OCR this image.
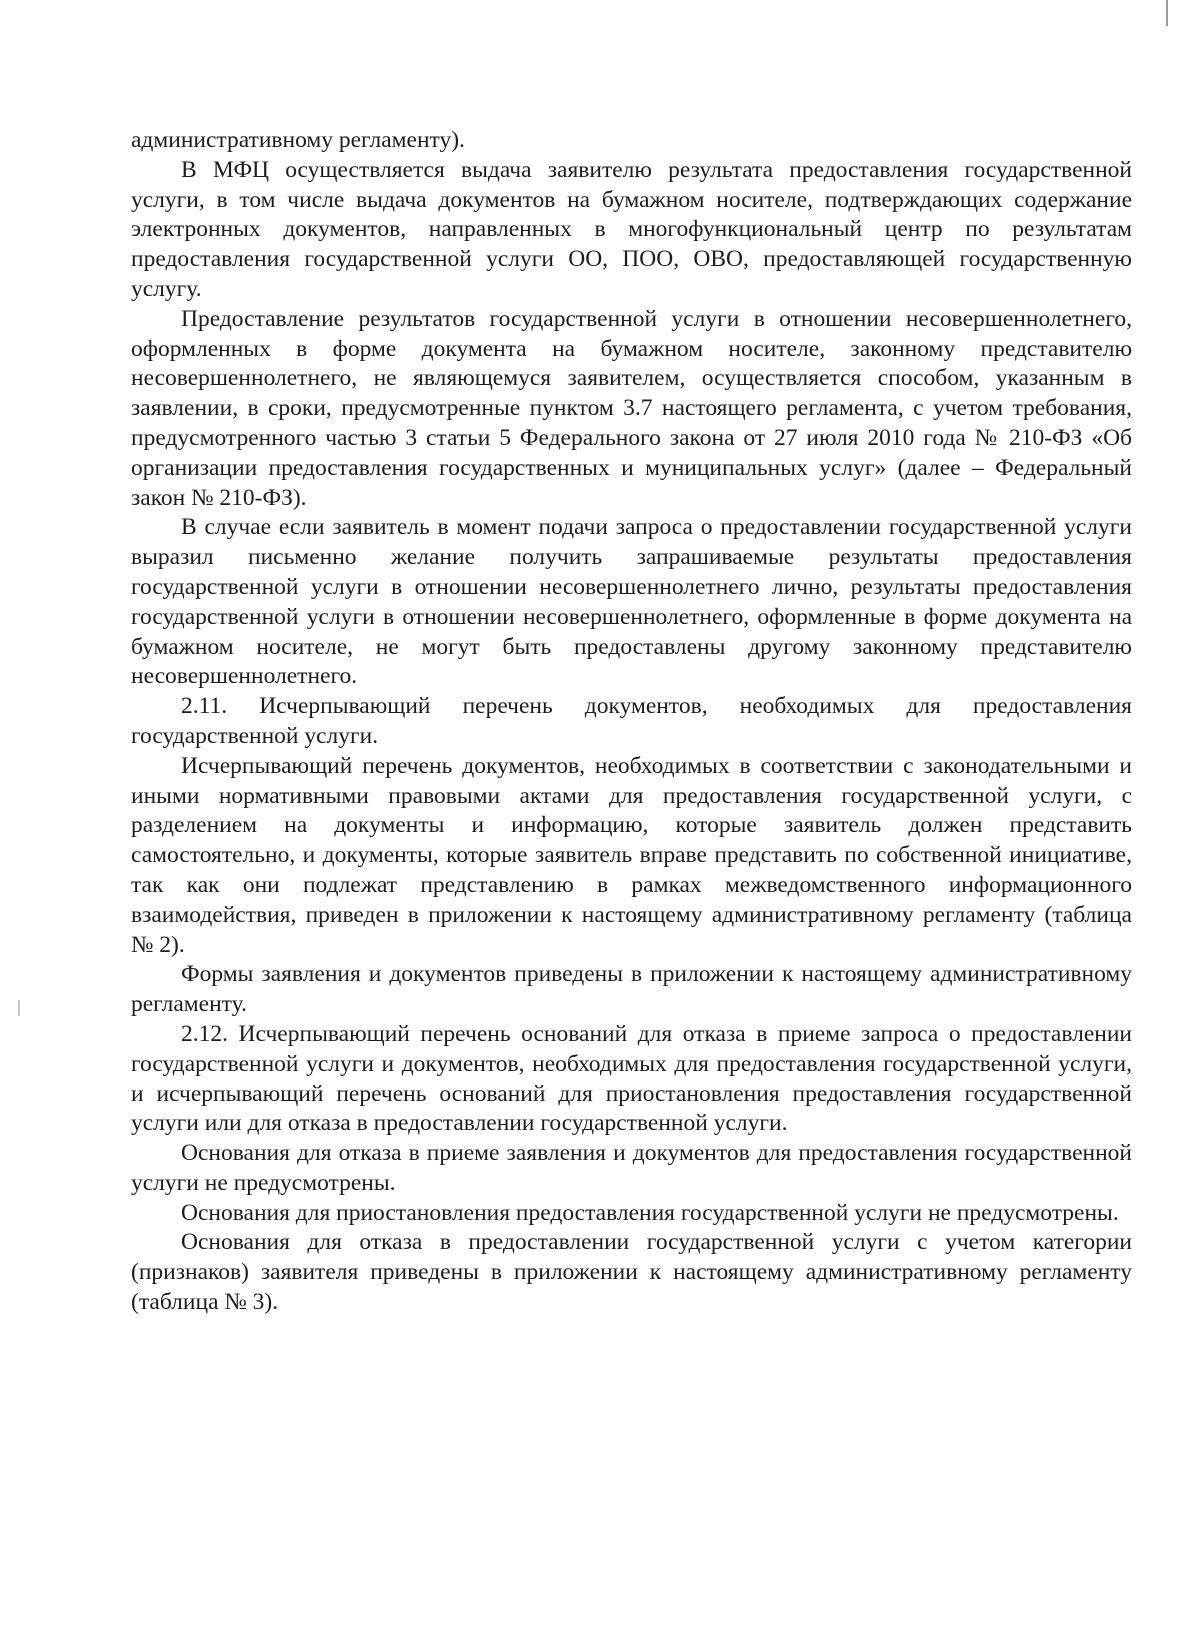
административному регламенту).

В МФЦ осуществляется выдача заявителю результата предоставления государственной услуги, в том числе выдача документов на бумажном носителе, подтверждающих содержание электронных документов, направленных в многофункциональный центр по результатам предоставления государственной услуги ОО, ПОО, ОВО, предоставляющей государственную услугу.

Предоставление результатов государственной услуги в отношении несовершеннолетнего, оформленных в форме документа на бумажном носителе, законному представителю несовершеннолетнего, не являющемуся заявителем, осуществляется способом, указанным в заявлении, в сроки, предусмотренные пунктом 3.7 настоящего регламента, с учетом требования, предусмотренного частью 3 статьи 5 Федерального закона от 27 июля 2010 года № 210-ФЗ «Об организации предоставления государственных и муниципальных услуг» (далее – Федеральный закон № 210-ФЗ).

В случае если заявитель в момент подачи запроса о предоставлении государственной услуги выразил письменно желание получить запрашиваемые результаты предоставления государственной услуги в отношении несовершеннолетнего лично, результаты предоставления государственной услуги в отношении несовершеннолетнего, оформленные в форме документа на бумажном носителе, не могут быть предоставлены другому законному представителю несовершеннолетнего.

2.11. Исчерпывающий перечень документов, необходимых для предоставления государственной услуги.

Исчерпывающий перечень документов, необходимых в соответствии с законодательными и иными нормативными правовыми актами для предоставления государственной услуги, с разделением на документы и информацию, которые заявитель должен представить самостоятельно, и документы, которые заявитель вправе представить по собственной инициативе, так как они подлежат представлению в рамках межведомственного информационного взаимодействия, приведен в приложении к настоящему административному регламенту (таблица № 2).

Формы заявления и документов приведены в приложении к настоящему административному регламенту.

2.12. Исчерпывающий перечень оснований для отказа в приеме запроса о предоставлении государственной услуги и документов, необходимых для предоставления государственной услуги, и исчерпывающий перечень оснований для приостановления предоставления государственной услуги или для отказа в предоставлении государственной услуги.

Основания для отказа в приеме заявления и документов для предоставления государственной услуги не предусмотрены.

Основания для приостановления предоставления государственной услуги не предусмотрены.

Основания для отказа в предоставлении государственной услуги с учетом категории (признаков) заявителя приведены в приложении к настоящему административному регламенту (таблица № 3).
